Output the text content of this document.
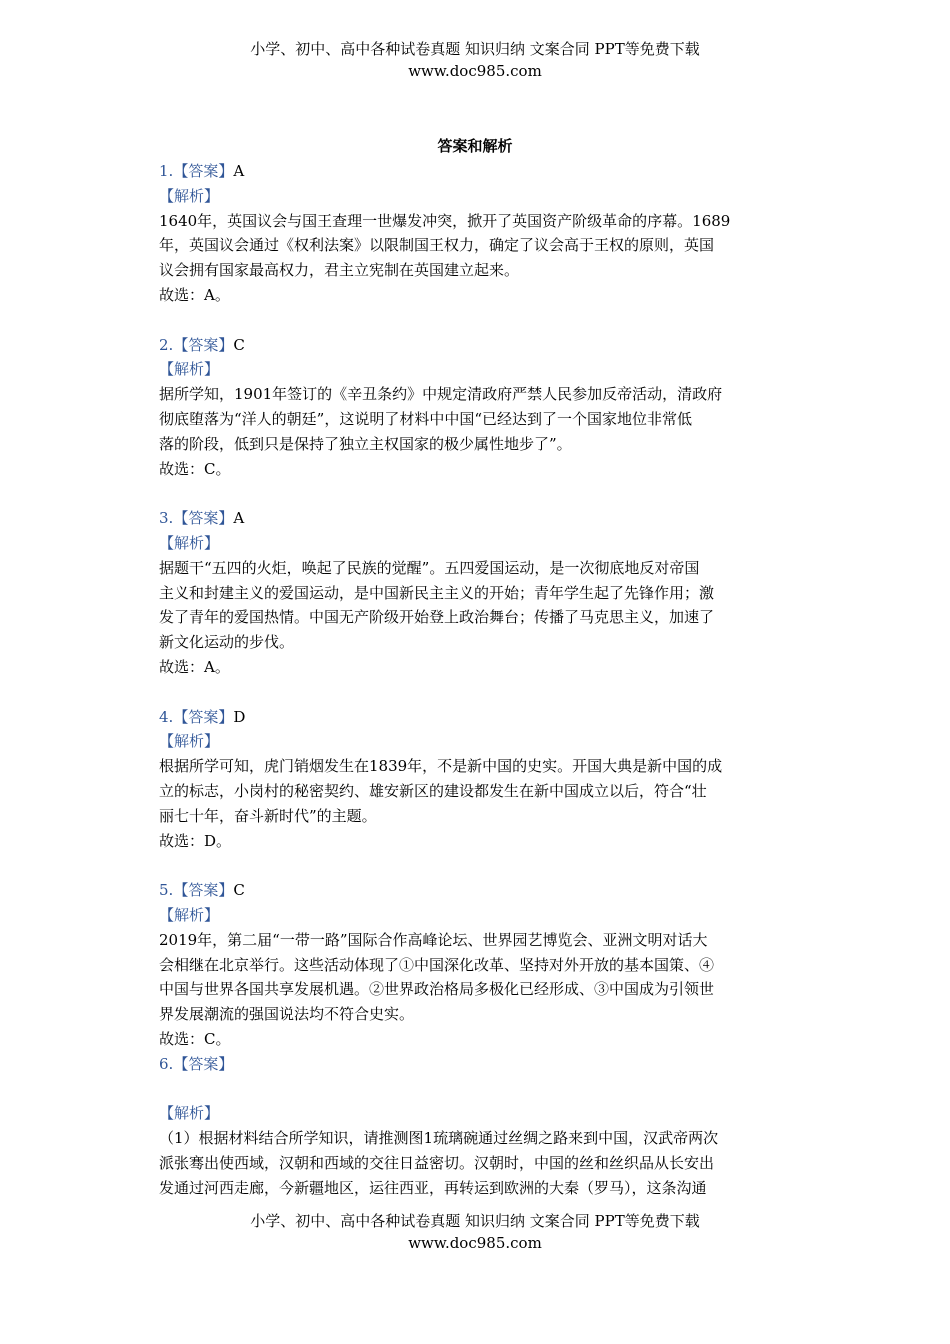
小学、初中、高中各种试卷真题 知识归纳 文案合同 PPT等免费下载
www.doc985.com
答案和解析
1.【答案】A
【解析】
1640年，英国议会与国王查理一世爆发冲突，掀开了英国资产阶级革命的序幕。1689
年，英国议会通过《权利法案》以限制国王权力，确定了议会高于王权的原则，英国
议会拥有国家最高权力，君主立宪制在英国建立起来。
故选：A。
2.【答案】C
【解析】
据所学知，1901年签订的《辛丑条约》中规定清政府严禁人民参加反帝活动，清政府
彻底堕落为“洋人的朝廷”，这说明了材料中中国“已经达到了一个国家地位非常低
落的阶段，低到只是保持了独立主权国家的极少属性地步了”。
故选：C。
3.【答案】A
【解析】
据题干“五四的火炬，唤起了民族的觉醒”。五四爱国运动，是一次彻底地反对帝国
主义和封建主义的爱国运动，是中国新民主主义的开始；青年学生起了先锋作用；激
发了青年的爱国热情。中国无产阶级开始登上政治舞台；传播了马克思主义，加速了
新文化运动的步伐。
故选：A。
4.【答案】D
【解析】
根据所学可知，虎门销烟发生在1839年，不是新中国的史实。开国大典是新中国的成
立的标志，小岗村的秘密契约、雄安新区的建设都发生在新中国成立以后，符合“壮
丽七十年，奋斗新时代”的主题。
故选：D。
5.【答案】C
【解析】
2019年，第二届“一带一路”国际合作高峰论坛、世界园艺博览会、亚洲文明对话大
会相继在北京举行。这些活动体现了①中国深化改革、坚持对外开放的基本国策、④
中国与世界各国共享发展机遇。②世界政治格局多极化已经形成、③中国成为引领世
界发展潮流的强国说法均不符合史实。
故选：C。
6.【答案】
【解析】
（1）根据材料结合所学知识，请推测图1琉璃碗通过丝绸之路来到中国，汉武帝两次
派张骞出使西域，汉朝和西域的交往日益密切。汉朝时，中国的丝和丝织品从长安出
发通过河西走廊，今新疆地区，运往西亚，再转运到欧洲的大秦（罗马），这条沟通
小学、初中、高中各种试卷真题 知识归纳 文案合同 PPT等免费下载
www.doc985.com
